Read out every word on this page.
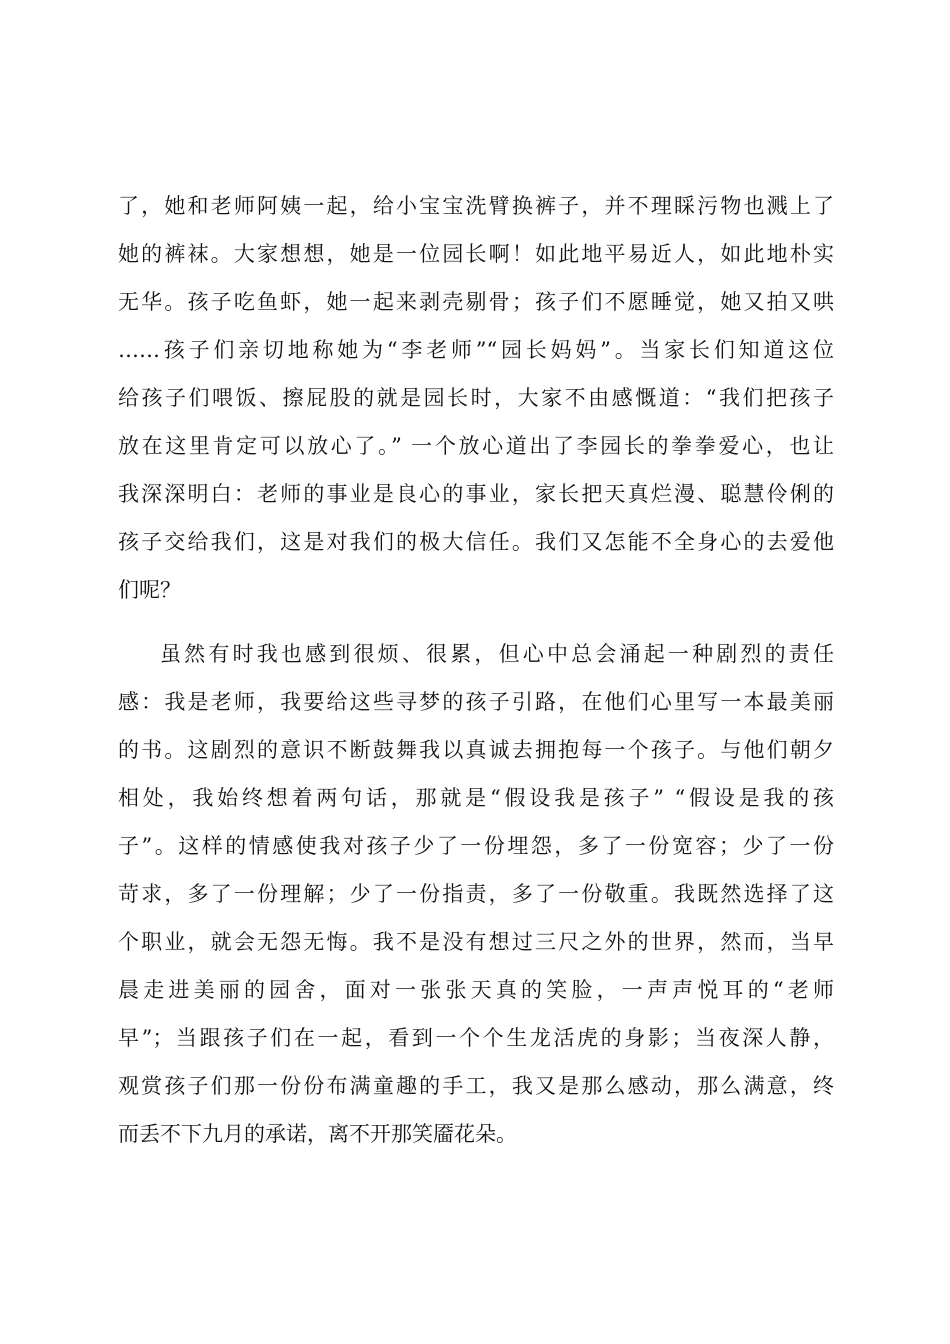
了，她和老师阿姨一起，给小宝宝洗臂换裤子，并不理睬污物也溅上了
她的裤袜。大家想想，她是一位园长啊！如此地平易近人，如此地朴实
无华。孩子吃鱼虾，她一起来剥壳剔骨；孩子们不愿睡觉，她又拍又哄
……孩子们亲切地称她为“李老师”“园长妈妈”。当家长们知道这位
给孩子们喂饭、擦屁股的就是园长时，大家不由感慨道：“我们把孩子
放在这里肯定可以放心了。” 一个放心道出了李园长的拳拳爱心，也让
我深深明白：老师的事业是良心的事业，家长把天真烂漫、聪慧伶俐的
孩子交给我们，这是对我们的极大信任。我们又怎能不全身心的去爱他
们呢？
虽然有时我也感到很烦、很累，但心中总会涌起一种剧烈的责任
感：我是老师，我要给这些寻梦的孩子引路，在他们心里写一本最美丽
的书。这剧烈的意识不断鼓舞我以真诚去拥抱每一个孩子。与他们朝夕
相处，我始终想着两句话，那就是“假设我是孩子” “假设是我的孩
子”。这样的情感使我对孩子少了一份埋怨，多了一份宽容；少了一份
苛求，多了一份理解；少了一份指责，多了一份敬重。我既然选择了这
个职业，就会无怨无悔。我不是没有想过三尺之外的世界，然而，当早
晨走进美丽的园舍，面对一张张天真的笑脸，一声声悦耳的“老师
早”；当跟孩子们在一起，看到一个个生龙活虎的身影；当夜深人静，
观赏孩子们那一份份布满童趣的手工，我又是那么感动，那么满意，终
而丢不下九月的承诺，离不开那笑靥花朵。
